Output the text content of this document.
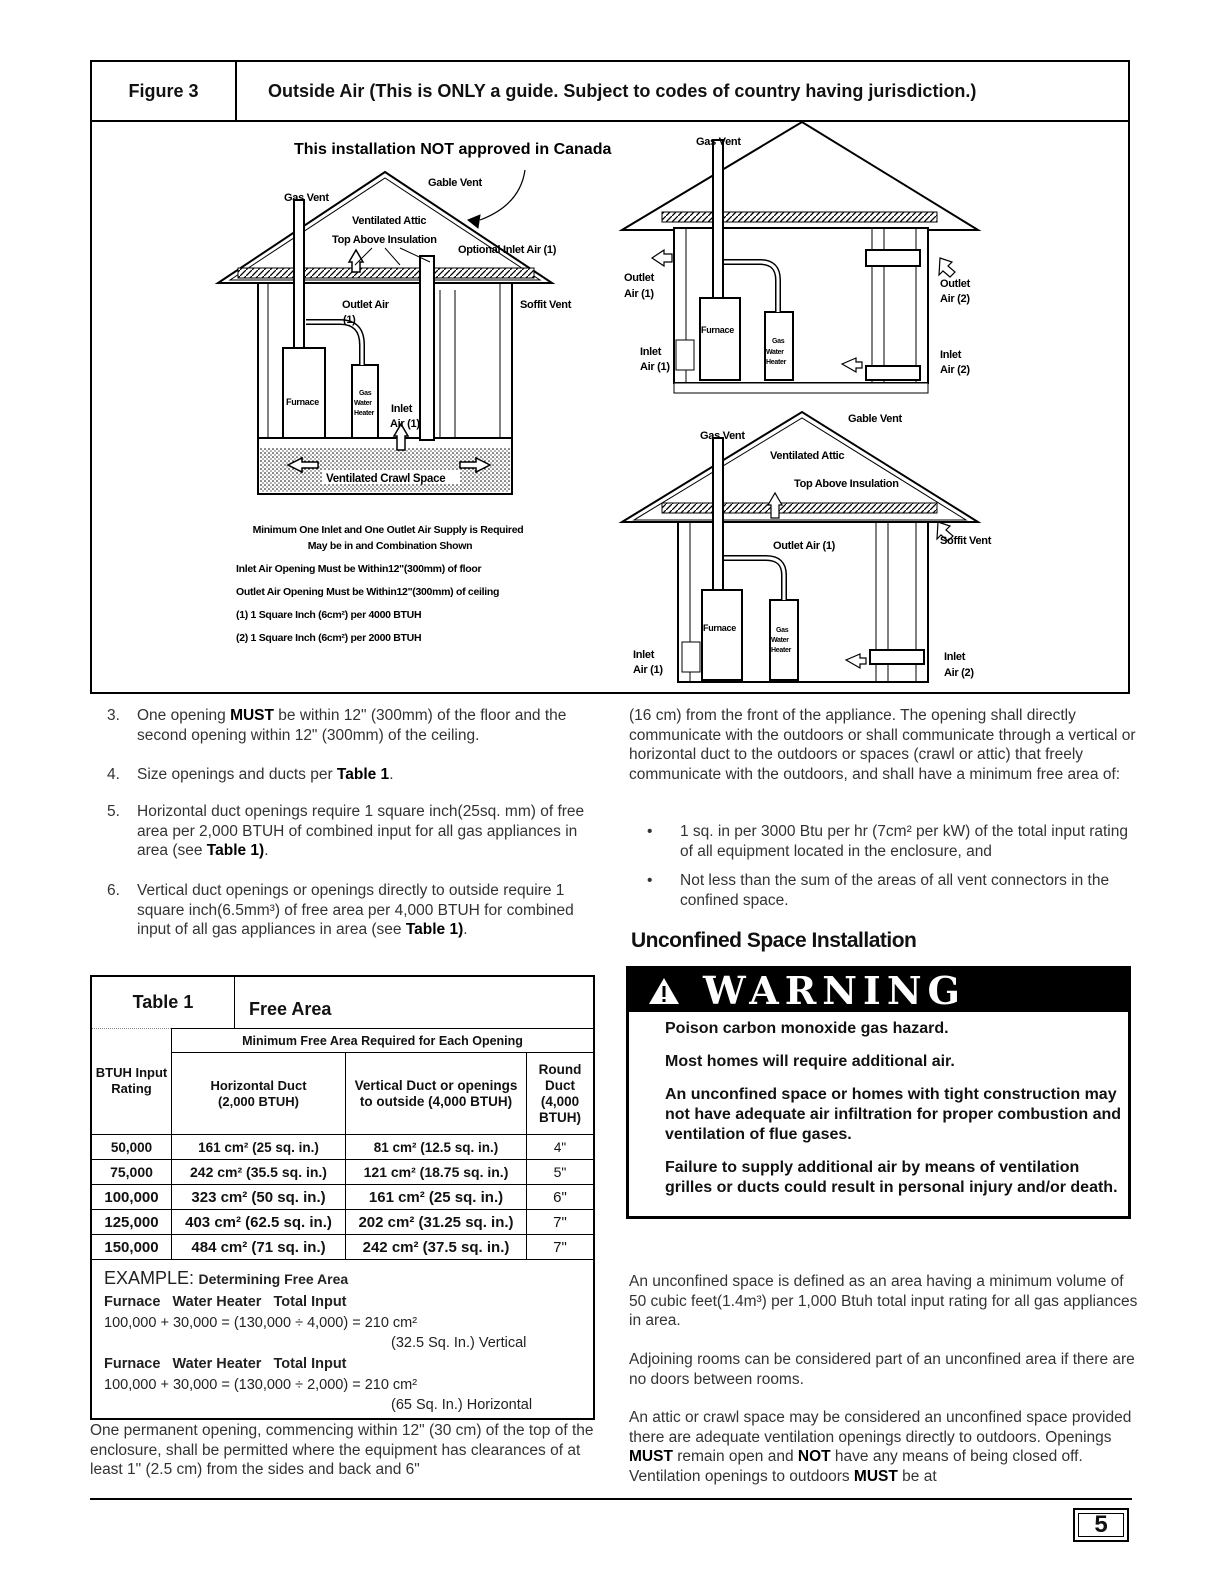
Figure 3	Outside Air (This is ONLY a guide. Subject to codes of country having jurisdiction.)
This installation NOT approved in Canada
Gable Vent
Gas Vent
Ventilated Attic
Top Above Insulation
Optional Inlet Air (1)
Outlet Air
(1)
Soffit Vent
Furnace
Gas
Water
Heater Inlet
Air (1)
Ventilated Crawl Space
Minimum One Inlet and One Outlet Air Supply is Required
May be in and Combination Shown
Inlet Air Opening Must be Within12"(300mm) of floor
Outlet Air Opening Must be Within12"(300mm) of ceiling
(1) 1 Square Inch (6cm²) per 4000 BTUH
(2) 1 Square Inch (6cm²) per 2000 BTUH
Gas Vent
Outlet
Air (1)
Inlet
Air (1)
Outlet
Air (2)
Inlet
Air (2)
Furnace
Gas
Water
Heater
Gas Vent
Gable Vent
Ventilated Attic
Top Above Insulation
Outlet Air (1)	Soffit Vent
Furnace	Gas
Water
Heater
Inlet
Air (1)
Inlet
Air (2)
3. One opening MUST be within 12" (300mm) of the floor and the second opening within 12" (300mm) of the ceiling.
4. Size openings and ducts per Table 1.
5. Horizontal duct openings require 1 square inch(25sq. mm) of free area per 2,000 BTUH of combined input for all gas appliances in area (see Table 1).
6. Vertical duct openings or openings directly to outside require 1 square inch(6.5mm³) of free area per 4,000 BTUH for combined input of all gas appliances in area (see Table 1).
Table 1	Free Area
BTUH Input Rating	Minimum Free Area Required for Each Opening		

	Horizontal Duct (2,000 BTUH)	Vertical Duct or openings to outside (4,000 BTUH)	Round Duct (4,000 BTUH)

50,000	161 cm² (25 sq. in.)	81 cm² (12.5 sq. in.)	4"
75,000	242 cm² (35.5 sq. in.)	121 cm² (18.75 sq. in.)	5"
100,000	323 cm² (50 sq. in.)	161 cm² (25 sq. in.)	6"
125,000	403 cm² (62.5 sq. in.)	202 cm² (31.25 sq. in.)	7"
150,000	484 cm² (71 sq. in.)	242 cm² (37.5 sq. in.)	7"
EXAMPLE: Determining Free Area
Furnace   Water Heater   Total Input
100,000 + 30,000 = (130,000 ÷ 4,000) = 210 cm²
(32.5 Sq. In.) Vertical
Furnace   Water Heater   Total Input
100,000 + 30,000 = (130,000 ÷ 2,000) = 210 cm²
(65 Sq. In.) Horizontal
One permanent opening, commencing within 12" (30 cm) of the top of the enclosure, shall be permitted where the equipment has clearances of at least 1" (2.5 cm) from the sides and back and 6"
(16 cm) from the front of the appliance. The opening shall directly communicate with the outdoors or shall communicate through a vertical or horizontal duct to the outdoors or spaces (crawl or attic) that freely communicate with the outdoors, and shall have a minimum free area of:
• 1 sq. in per 3000 Btu per hr (7cm² per kW) of the total input rating of all equipment located in the enclosure, and
• Not less than the sum of the areas of all vent connectors in the confined space.
Unconfined Space Installation
WARNING

Poison carbon monoxide gas hazard.

Most homes will require additional air.

An unconfined space or homes with tight construction may not have adequate air infiltration for proper combustion and ventilation of flue gases.

Failure to supply additional air by means of ventilation grilles or ducts could result in personal injury and/or death.

An unconfined space is defined as an area having a minimum volume of 50 cubic feet(1.4m³) per 1,000 Btuh total input rating for all gas appliances in area.
Adjoining rooms can be considered part of an unconfined area if there are no doors between rooms.
An attic or crawl space may be considered an unconfined space provided there are adequate ventilation openings directly to outdoors. Openings MUST remain open and NOT have any means of being closed off. Ventilation openings to outdoors MUST be at
5
